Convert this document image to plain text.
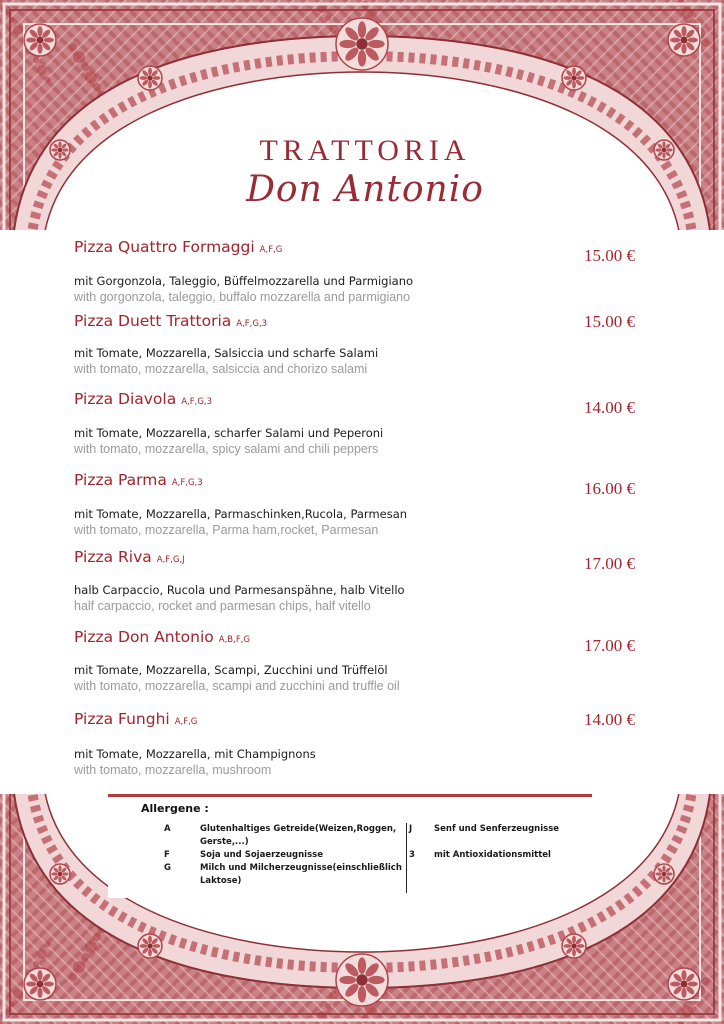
TRATTORIA
Don Antonio
Pizza Quattro Formaggi A,F,G	15.00 €
mit Gorgonzola, Taleggio, Büffelmozzarella und Parmigiano
with gorgonzola, taleggio, buffalo mozzarella and parmigiano
Pizza Duett Trattoria A,F,G,3	15.00 €
mit Tomate, Mozzarella, Salsiccia und scharfe Salami
with tomato, mozzarella, salsiccia and chorizo salami
Pizza Diavola A,F,G,3	14.00 €
mit Tomate, Mozzarella, scharfer Salami und Peperoni
with tomato, mozzarella, spicy salami and chili peppers
Pizza Parma A,F,G,3	16.00 €
mit Tomate, Mozzarella, Parmaschinken,Rucola, Parmesan
with tomato, mozzarella, Parma ham,rocket, Parmesan
Pizza Riva A,F,G,J	17.00 €
halb Carpaccio, Rucola und Parmesanspähne, halb Vitello
half carpaccio, rocket and parmesan chips, half vitello
Pizza Don Antonio A,B,F,G	17.00 €
mit Tomate, Mozzarella, Scampi, Zucchini und Trüffelöl
with tomato, mozzarella, scampi and zucchini and truffle oil
Pizza Funghi A,F,G	14.00 €
mit Tomate, Mozzarella, mit Champignons
with tomato, mozzarella, mushroom
Allergene :
A	Glutenhaltiges Getreide(Weizen,Roggen, Gerste,...)
F	Soja und Sojaerzeugnisse
G	Milch und Milcherzeugnisse(einschließlich Laktose)
J	Senf und Senferzeugnisse
3 mit Antioxidationsmittel
